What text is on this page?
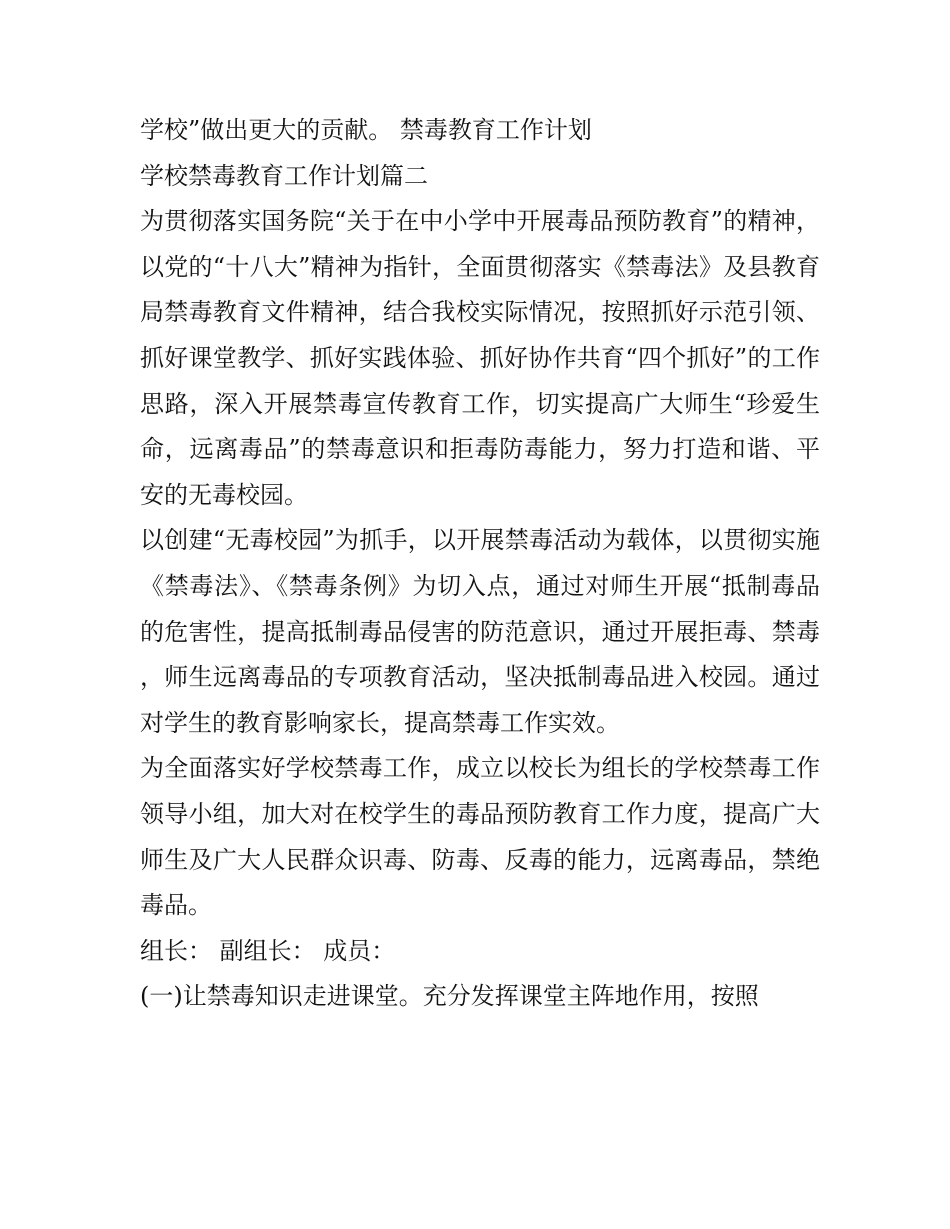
学校”做出更大的贡献。 禁毒教育工作计划

学校禁毒教育工作计划篇二

为贯彻落实国务院“关于在中小学中开展毒品预防教育”的精神，以党的“十八大”精神为指针，全面贯彻落实《禁毒法》及县教育局禁毒教育文件精神，结合我校实际情况，按照抓好示范引领、抓好课堂教学、抓好实践体验、抓好协作共育“四个抓好”的工作思路，深入开展禁毒宣传教育工作，切实提高广大师生“珍爱生命，远离毒品”的禁毒意识和拒毒防毒能力，努力打造和谐、平安的无毒校园。

以创建“无毒校园”为抓手，以开展禁毒活动为载体，以贯彻实施《禁毒法》、《禁毒条例》为切入点，通过对师生开展“抵制毒品的危害性，提高抵制毒品侵害的防范意识，通过开展拒毒、禁毒，师生远离毒品的专项教育活动，坚决抵制毒品进入校园。通过对学生的教育影响家长，提高禁毒工作实效。

为全面落实好学校禁毒工作，成立以校长为组长的学校禁毒工作领导小组，加大对在校学生的毒品预防教育工作力度，提高广大师生及广大人民群众识毒、防毒、反毒的能力，远离毒品，禁绝毒品。

组长： 副组长： 成员：

(一)让禁毒知识走进课堂。充分发挥课堂主阵地作用，按照
